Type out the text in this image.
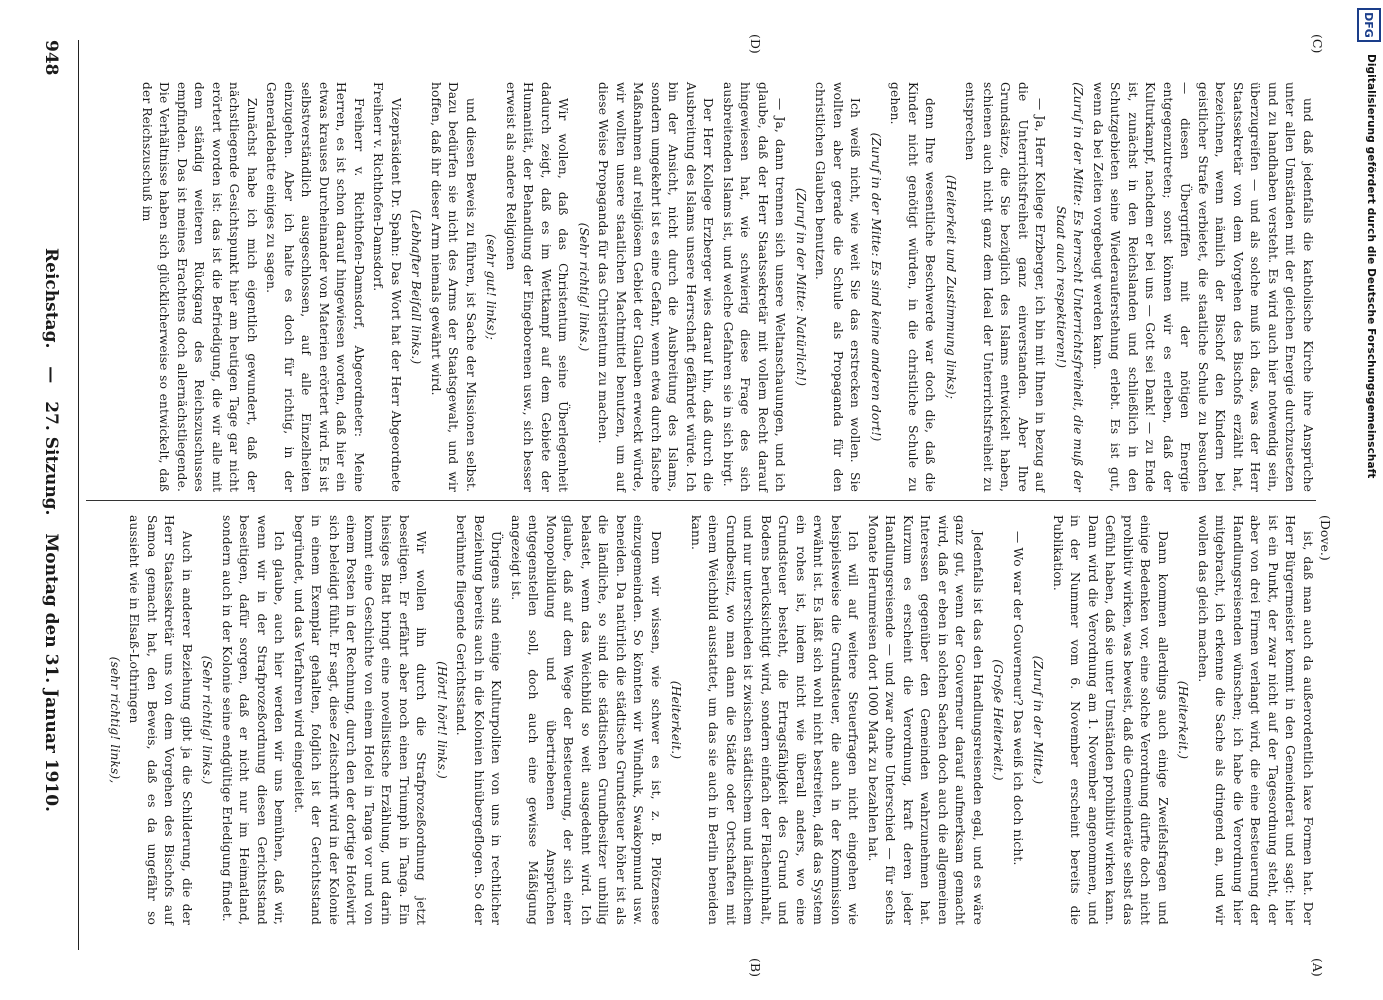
DFG
Digitalisierung gefördert durch die Deutsche Forschungsgemeinschaft
948
Reichstag. — 27. Sitzung. Montag den 31. Januar 1910.	(Dove.)
(A)
(B)
(C)
(D)
ist, daß man auch da außerordentlich laxe Formen hat. Der Herr Bürgermeister kommt in den Gemeinderat und sagt: hier ist ein Punkt, der zwar nicht auf der Tagesordnung steht, der aber von drei Firmen verlangt wird, die eine Besteuerung der Handlungsreisenden wünschen; ich habe die Verordnung hier mitgebracht, ich erkenne die Sache als dringend an, und wir wollen das gleich machen.
(Heiterkeit.)
Dann kommen allerdings auch einige Zweifelsfragen und einige Bedenken vor, eine solche Verordnung dürfte doch nicht prohibitiv wirken, was beweist, daß die Gemeinderäte selbst das Gefühl haben, daß sie unter Umständen prohibitiv wirken kann. Dann wird die Verordnung am 1. November angenommen, und in der Nummer vom 6. November erscheint bereits die Publikation.
(Zuruf in der Mitte.)
— Wo war der Gouverneur? Das weiß ich doch nicht.
(Große Heiterkeit.)
Jedenfalls ist das den Handlungsreisenden egal, und es wäre ganz gut, wenn der Gouverneur darauf aufmerksam gemacht wird, daß er eben in solchen Sachen doch auch die allgemeinen Interessen gegenüber den Gemeinden wahrzunehmen hat. Kurzum es erscheint die Verordnung, kraft deren jeder Handlungsreisende — und zwar ohne Unterschied — für sechs Monate Herumreisen dort 1000 Mark zu bezahlen hat.
Ich will auf weitere Steuerfragen nicht eingehen wie beispielsweise die Grundsteuer, die auch in der Kommission erwähnt ist. Es läßt sich wohl nicht bestreiten, daß das System ein rohes ist, indem nicht wie überall anders, wo eine Grundsteuer besteht, die Ertragsfähigkeit des Grund und Bodens berücksichtigt wird, sondern einfach der Flächeninhalt, und nur unterschieden ist zwischen städtischem und ländlichem Grundbesitz, wo man dann die Städte oder Ortschaften mit einem Weichbild ausstattet, um das sie auch in Berlin beneiden kann.
(Heiterkeit.)
Denn wir wissen, wie schwer es ist, z. B. Plötzensee einzugemeinden. So könnten wir Windhuk, Swakopmund usw. beneiden. Da natürlich die städtische Grundsteuer höher ist als die ländliche, so sind die städtischen Grundbesitzer unbillig belastet, wenn das Weichbild so weit ausgedehnt wird. Ich glaube, daß auf dem Wege der Besteuerung, der sich einer Monopolbildung und übertriebenen Ansprüchen entgegenstellen soll, doch auch eine gewisse Mäßigung angezeigt ist.
Übrigens sind einige Kulturpoliten von uns in rechtlicher Beziehung bereits auch in die Kolonien hinübergeflogen. So der berühmte fliegende Gerichtsstand.
(Hört! hört! links.)
Wir wollen ihn durch die Strafprozeßordnung jetzt beseitigen. Er erfährt aber noch einen Triumph in Tanga. Ein hiesiges Blatt bringt eine novellistische Erzählung, und darin kommt eine Geschichte von einem Hotel in Tanga vor und von einem Posten in der Rechnung, durch den der dortige Hotelwirt sich beleidigt fühlt. Er sagt, diese Zeitschrift wird in der Kolonie in einem Exemplar gehalten, folglich ist der Gerichtsstand begründet, und das Verfahren wird eingeleitet.
Ich glaube, auch hier werden wir uns bemühen, daß wir, wenn wir in der Strafprozeßordnung diesen Gerichtsstand beseitigen, dafür sorgen, daß er nicht nur im Heimatland, sondern auch in der Kolonie seine endgültige Erledigung findet.
(Sehr richtig! links.)
Auch in anderer Beziehung gibt ja die Schilderung, die der Herr Staatssekretär uns von dem Vorgehen des Bischofs auf Samoa gemacht hat, den Beweis, daß es da ungefähr so aussieht wie in Elsaß-Lothringen
(sehr richtig! links),
und daß jedenfalls die katholische Kirche ihre Ansprüche unter allen Umständen mit der gleichen Energie durchzusetzen und zu handhaben versteht. Es wird auch hier notwendig sein, überzugreifen — und als solche muß ich das, was der Herr Staatssekretär von dem Vorgehen des Bischofs erzählt hat, bezeichnen, wenn nämlich der Bischof den Kindern bei geistlicher Strafe verbietet, die staatliche Schule zu besuchen — diesen Übergriffen mit der nötigen Energie entgegenzutreten; sonst können wir es erleben, daß der Kulturkampf, nachdem er bei uns — Gott sei Dank! — zu Ende ist, zunächst in den Reichslanden und schließlich in den Schutzgebieten seine Wiederauferstehung erlebt. Es ist gut, wenn da bei Zeiten vorgebeugt werden kann.
(Zuruf in der Mitte: Es herrscht Unterrichtsfreiheit, die muß der Staat auch respektieren!)
— Ja, Herr Kollege Erzberger, ich bin mit Ihnen in bezug auf die Unterrichtsfreiheit ganz einverstanden. Aber Ihre Grundsätze, die Sie bezüglich des Islams entwickelt haben, schienen auch nicht ganz dem Ideal der Unterrichtsfreiheit zu entsprechen
(Heiterkeit und Zustimmung links);
denn Ihre wesentliche Beschwerde war doch die, daß die Kinder nicht genötigt würden, in die christliche Schule zu gehen.
(Zuruf in der Mitte: Es sind keine anderen dort!)
Ich weiß nicht, wie weit Sie das erstrecken wollen. Sie wollten aber gerade die Schule als Propaganda für den christlichen Glauben benutzen.
(Zuruf in der Mitte: Natürlich!)
— Ja, dann trennen sich unsere Weltanschauungen, und ich glaube, daß der Herr Staatssekretär mit vollem Recht darauf hingewiesen hat, wie schwierig diese Frage des sich ausbreitenden Islams ist, und welche Gefahren sie in sich birgt.
Der Herr Kollege Erzberger wies darauf hin, daß durch die Ausbreitung des Islams unsere Herrschaft gefährdet würde. Ich bin der Ansicht, nicht durch die Ausbreitung des Islams, sondern umgekehrt ist es eine Gefahr, wenn etwa durch falsche Maßnahmen auf religiösem Gebiet der Glauben erweckt würde, wir wollten unsere staatlichen Machtmittel benutzen, um auf diese Weise Propaganda für das Christentum zu machen.
(Sehr richtig! links.)
Wir wollen, daß das Christentum seine Überlegenheit dadurch zeigt, daß es im Wettkampf auf dem Gebiete der Humanität, der Behandlung der Eingeborenen usw., sich besser erweist als andere Religionen
(sehr gut! links);
und diesen Beweis zu führen, ist Sache der Missionen selbst. Dazu bedürfen sie nicht des Arms der Staatsgewalt, und wir hoffen, daß ihr dieser Arm niemals gewährt wird.
(Lebhafter Beifall links.)
Vizepräsident Dr. Spahn: Das Wort hat der Herr Abgeordnete Freiherr v. Richthofen-Damsdorf.
Freiherr v. Richthofen-Damsdorf, Abgeordneter: Meine Herren, es ist schon darauf hingewiesen worden, daß hier ein etwas krauses Durcheinander von Materien erörtert wird. Es ist selbstverständlich ausgeschlossen, auf alle Einzelheiten einzugehen. Aber ich halte es doch für richtig, in der Generaldebatte einiges zu sagen.
Zunächst habe ich mich eigentlich gewundert, daß der nächstliegende Gesichtspunkt hier am heutigen Tage gar nicht erörtert worden ist: das ist die Befriedigung, die wir alle mit dem ständig weiteren Rückgang des Reichszuschusses empfinden. Das ist meines Erachtens doch allernächstliegende. Die Verhältnisse haben sich glücklicherweise so entwickelt, daß der Reichszuschuß im
